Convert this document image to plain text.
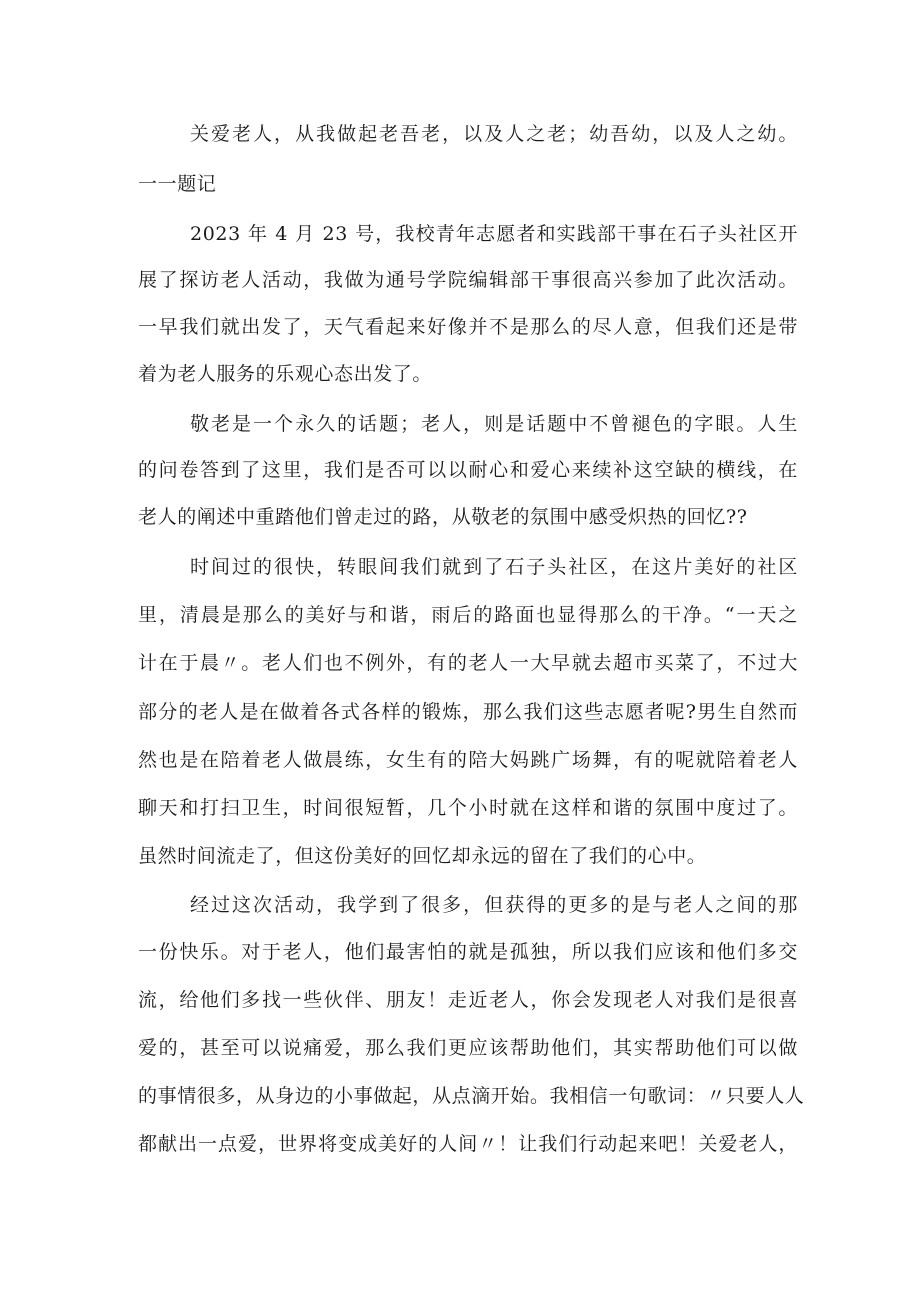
关爱老人，从我做起老吾老，以及人之老；幼吾幼，以及人之幼。
一一题记
2023 年 4 月 23 号，我校青年志愿者和实践部干事在石子头社区开
展了探访老人活动，我做为通号学院编辑部干事很高兴参加了此次活动。
一早我们就出发了，天气看起来好像并不是那么的尽人意，但我们还是带
着为老人服务的乐观心态出发了。
敬老是一个永久的话题；老人，则是话题中不曾褪色的字眼。人生
的问卷答到了这里，我们是否可以以耐心和爱心来续补这空缺的横线，在
老人的阐述中重踏他们曾走过的路，从敬老的氛围中感受炽热的回忆??
时间过的很快，转眼间我们就到了石子头社区，在这片美好的社区
里，清晨是那么的美好与和谐，雨后的路面也显得那么的干净。“一天之
计在于晨〃。老人们也不例外，有的老人一大早就去超市买菜了，不过大
部分的老人是在做着各式各样的锻炼，那么我们这些志愿者呢?男生自然而
然也是在陪着老人做晨练，女生有的陪大妈跳广场舞，有的呢就陪着老人
聊天和打扫卫生，时间很短暂，几个小时就在这样和谐的氛围中度过了。
虽然时间流走了，但这份美好的回忆却永远的留在了我们的心中。
经过这次活动，我学到了很多，但获得的更多的是与老人之间的那
一份快乐。对于老人，他们最害怕的就是孤独，所以我们应该和他们多交
流，给他们多找一些伙伴、朋友！走近老人，你会发现老人对我们是很喜
爱的，甚至可以说痛爱，那么我们更应该帮助他们，其实帮助他们可以做
的事情很多，从身边的小事做起，从点滴开始。我相信一句歌词：〃只要人人
都献出一点爱，世界将变成美好的人间〃！让我们行动起来吧！关爱老人，
